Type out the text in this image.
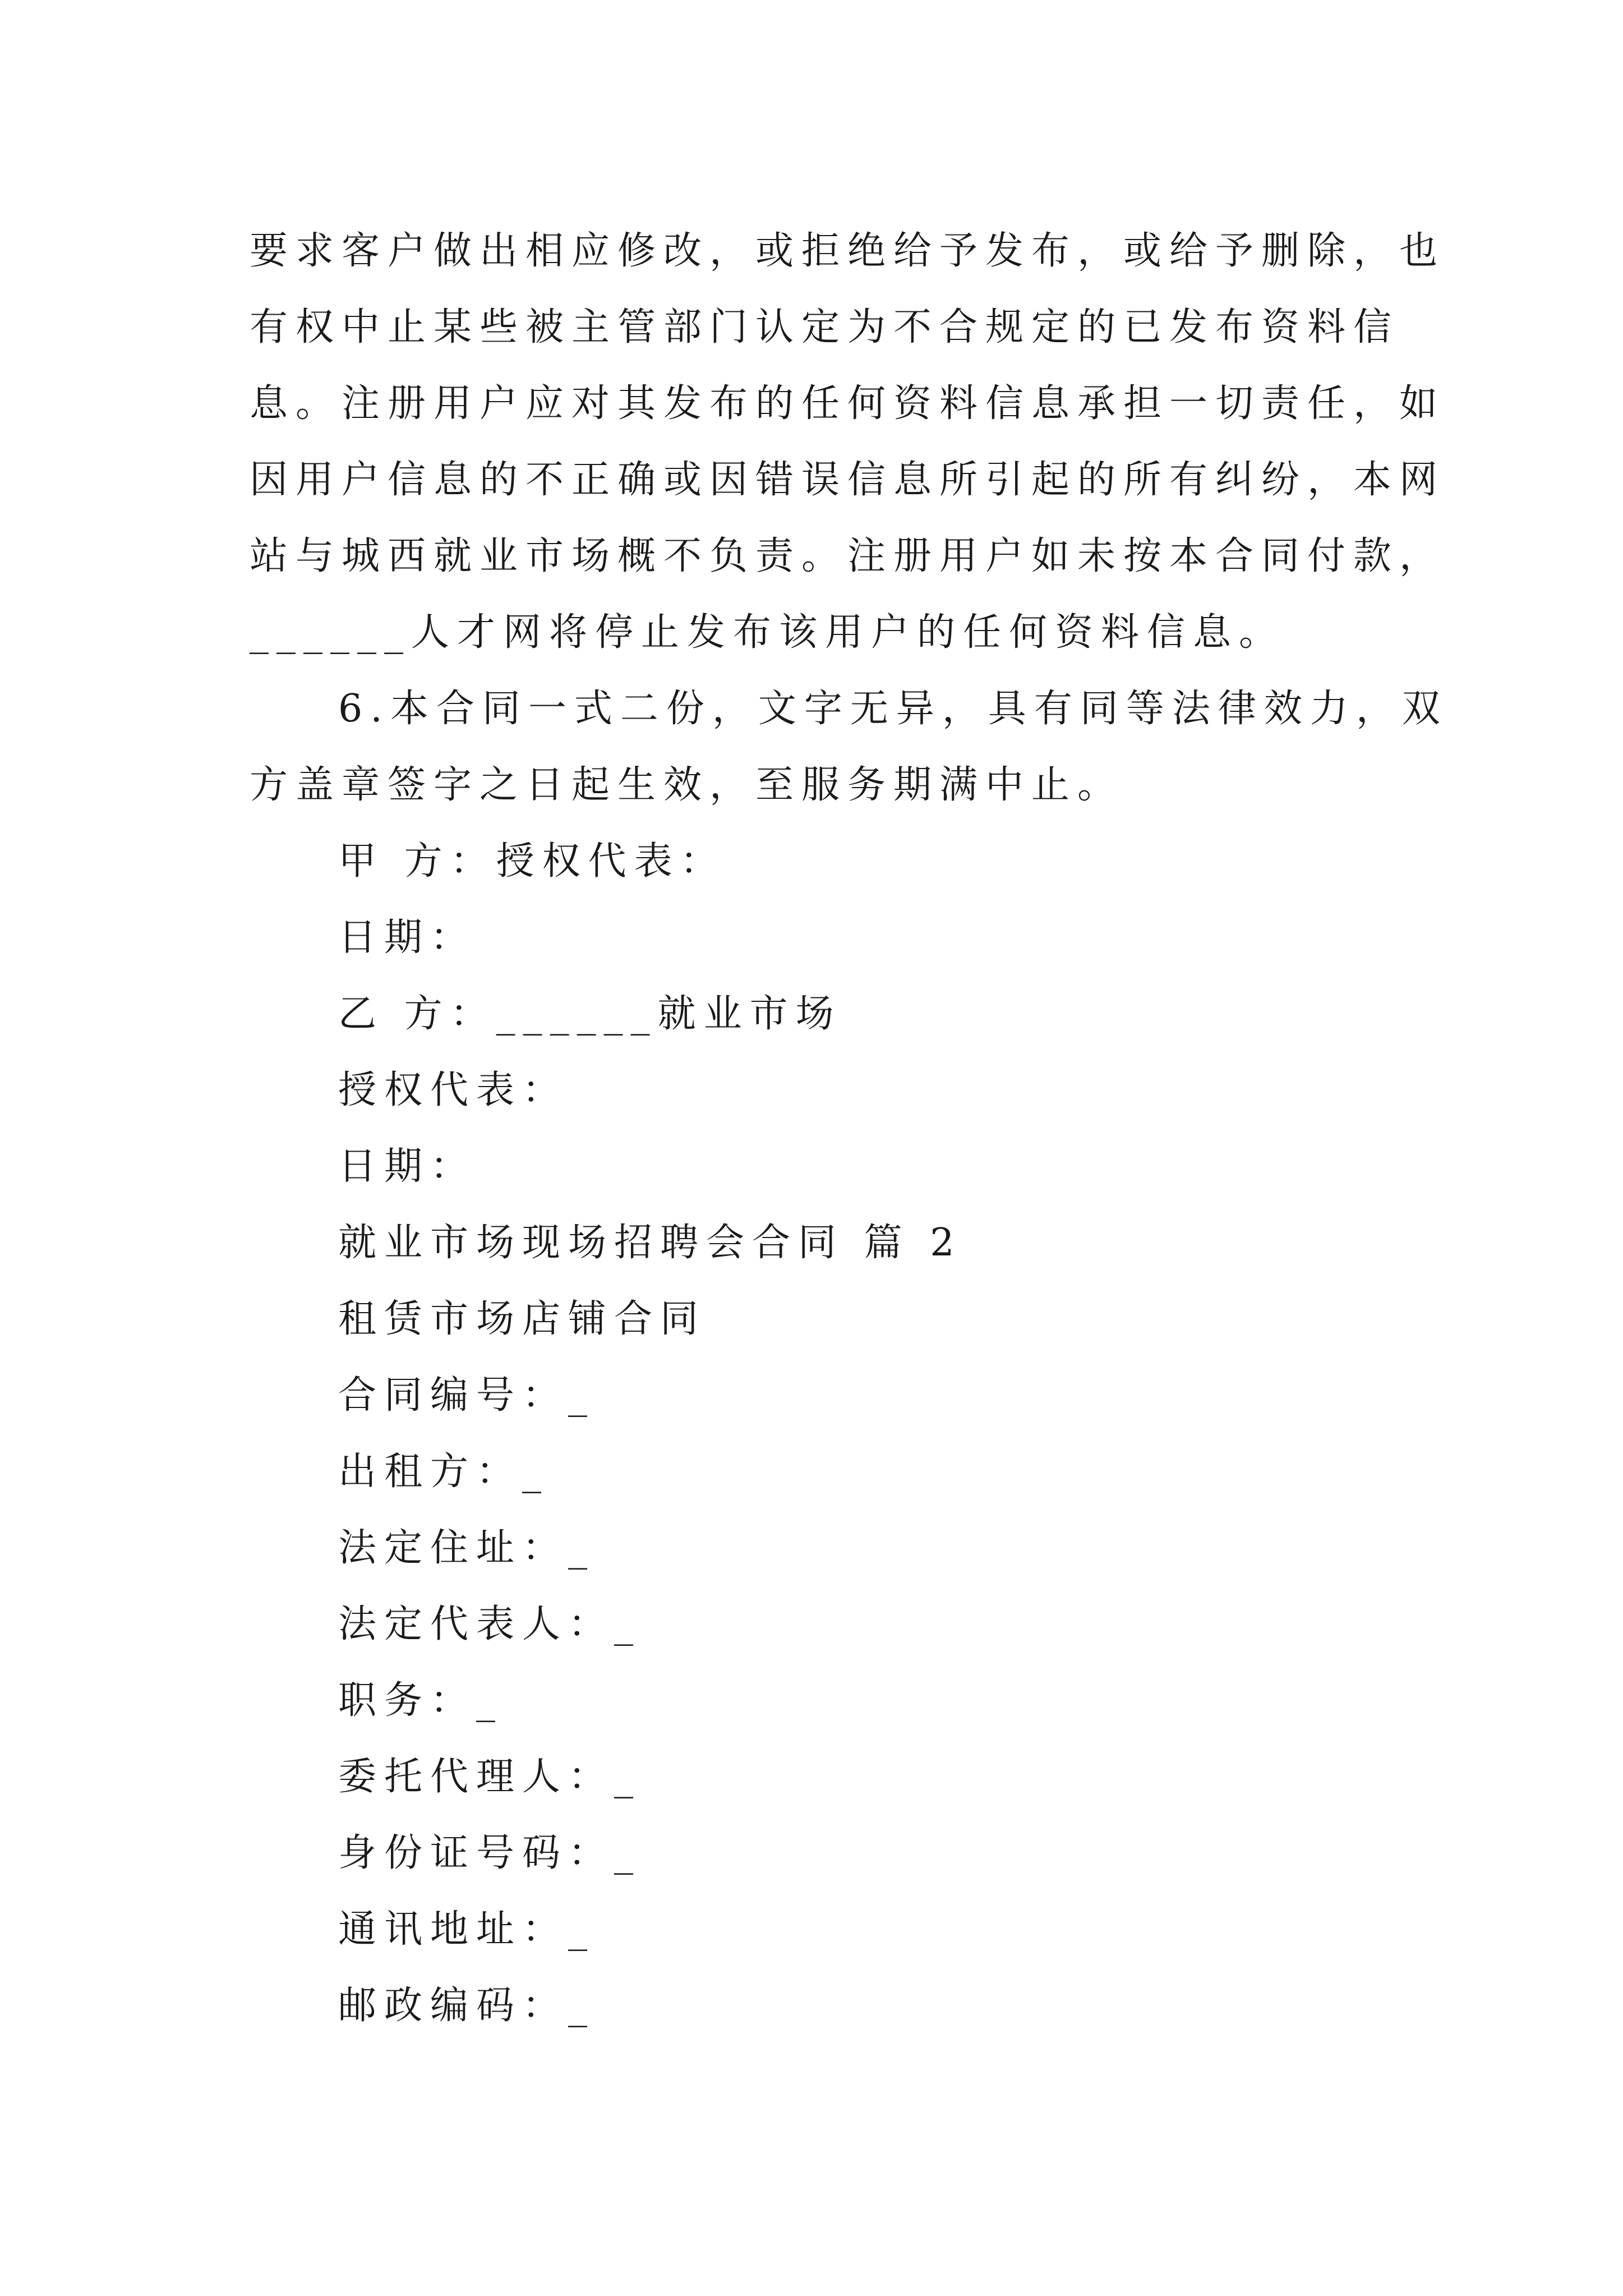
要求客户做出相应修改，或拒绝给予发布，或给予删除，也
有权中止某些被主管部门认定为不合规定的已发布资料信
息。注册用户应对其发布的任何资料信息承担一切责任，如
因用户信息的不正确或因错误信息所引起的所有纠纷，本网
站与城西就业市场概不负责。注册用户如未按本合同付款，
______人才网将停止发布该用户的任何资料信息。
6.本合同一式二份，文字无异，具有同等法律效力，双
方盖章签字之日起生效，至服务期满中止。
甲 方：授权代表：
日期：
乙 方：______就业市场
授权代表：
日期：
就业市场现场招聘会合同 篇 2
租赁市场店铺合同
合同编号：_
出租方：_
法定住址：_
法定代表人：_
职务：_
委托代理人：_
身份证号码：_
通讯地址：_
邮政编码：_
